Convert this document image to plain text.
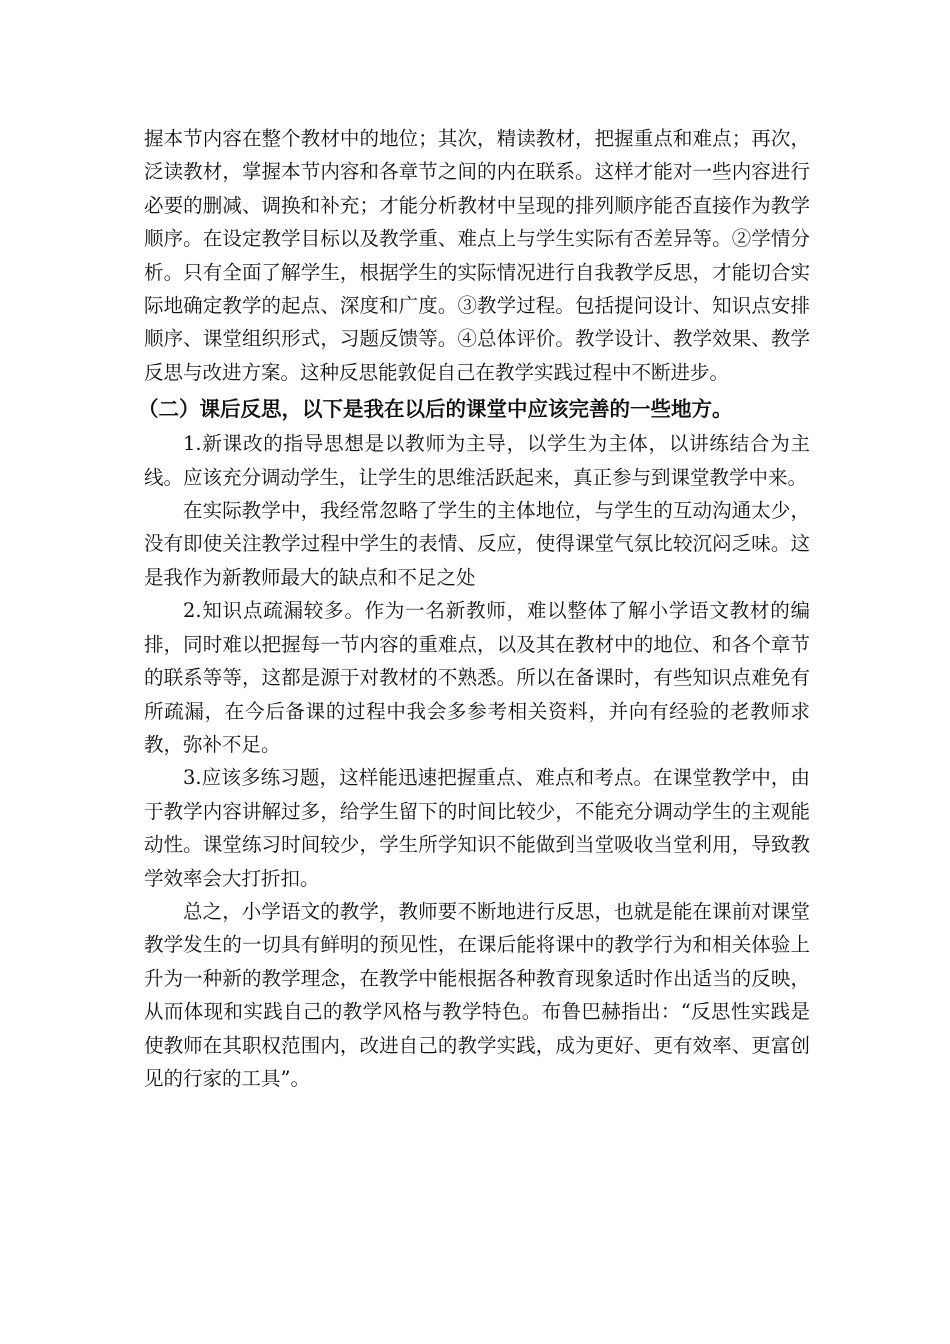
握本节内容在整个教材中的地位；其次，精读教材，把握重点和难点；再次，泛读教材，掌握本节内容和各章节之间的内在联系。这样才能对一些内容进行必要的删减、调换和补充；才能分析教材中呈现的排列顺序能否直接作为教学顺序。在设定教学目标以及教学重、难点上与学生实际有否差异等。②学情分析。只有全面了解学生，根据学生的实际情况进行自我教学反思，才能切合实际地确定教学的起点、深度和广度。③教学过程。包括提问设计、知识点安排顺序、课堂组织形式，习题反馈等。④总体评价。教学设计、教学效果、教学反思与改进方案。这种反思能敦促自己在教学实践过程中不断进步。

（二）课后反思，以下是我在以后的课堂中应该完善的一些地方。

1.新课改的指导思想是以教师为主导，以学生为主体，以讲练结合为主线。应该充分调动学生，让学生的思维活跃起来，真正参与到课堂教学中来。

在实际教学中，我经常忽略了学生的主体地位，与学生的互动沟通太少，没有即使关注教学过程中学生的表情、反应，使得课堂气氛比较沉闷乏味。这是我作为新教师最大的缺点和不足之处

2.知识点疏漏较多。作为一名新教师，难以整体了解小学语文教材的编排，同时难以把握每一节内容的重难点，以及其在教材中的地位、和各个章节的联系等等，这都是源于对教材的不熟悉。所以在备课时，有些知识点难免有所疏漏，在今后备课的过程中我会多参考相关资料，并向有经验的老教师求教，弥补不足。

3.应该多练习题，这样能迅速把握重点、难点和考点。在课堂教学中，由于教学内容讲解过多，给学生留下的时间比较少，不能充分调动学生的主观能动性。课堂练习时间较少，学生所学知识不能做到当堂吸收当堂利用，导致教学效率会大打折扣。

总之，小学语文的教学，教师要不断地进行反思，也就是能在课前对课堂教学发生的一切具有鲜明的预见性，在课后能将课中的教学行为和相关体验上升为一种新的教学理念，在教学中能根据各种教育现象适时作出适当的反映，从而体现和实践自己的教学风格与教学特色。布鲁巴赫指出：“反思性实践是使教师在其职权范围内，改进自己的教学实践，成为更好、更有效率、更富创见的行家的工具”。
